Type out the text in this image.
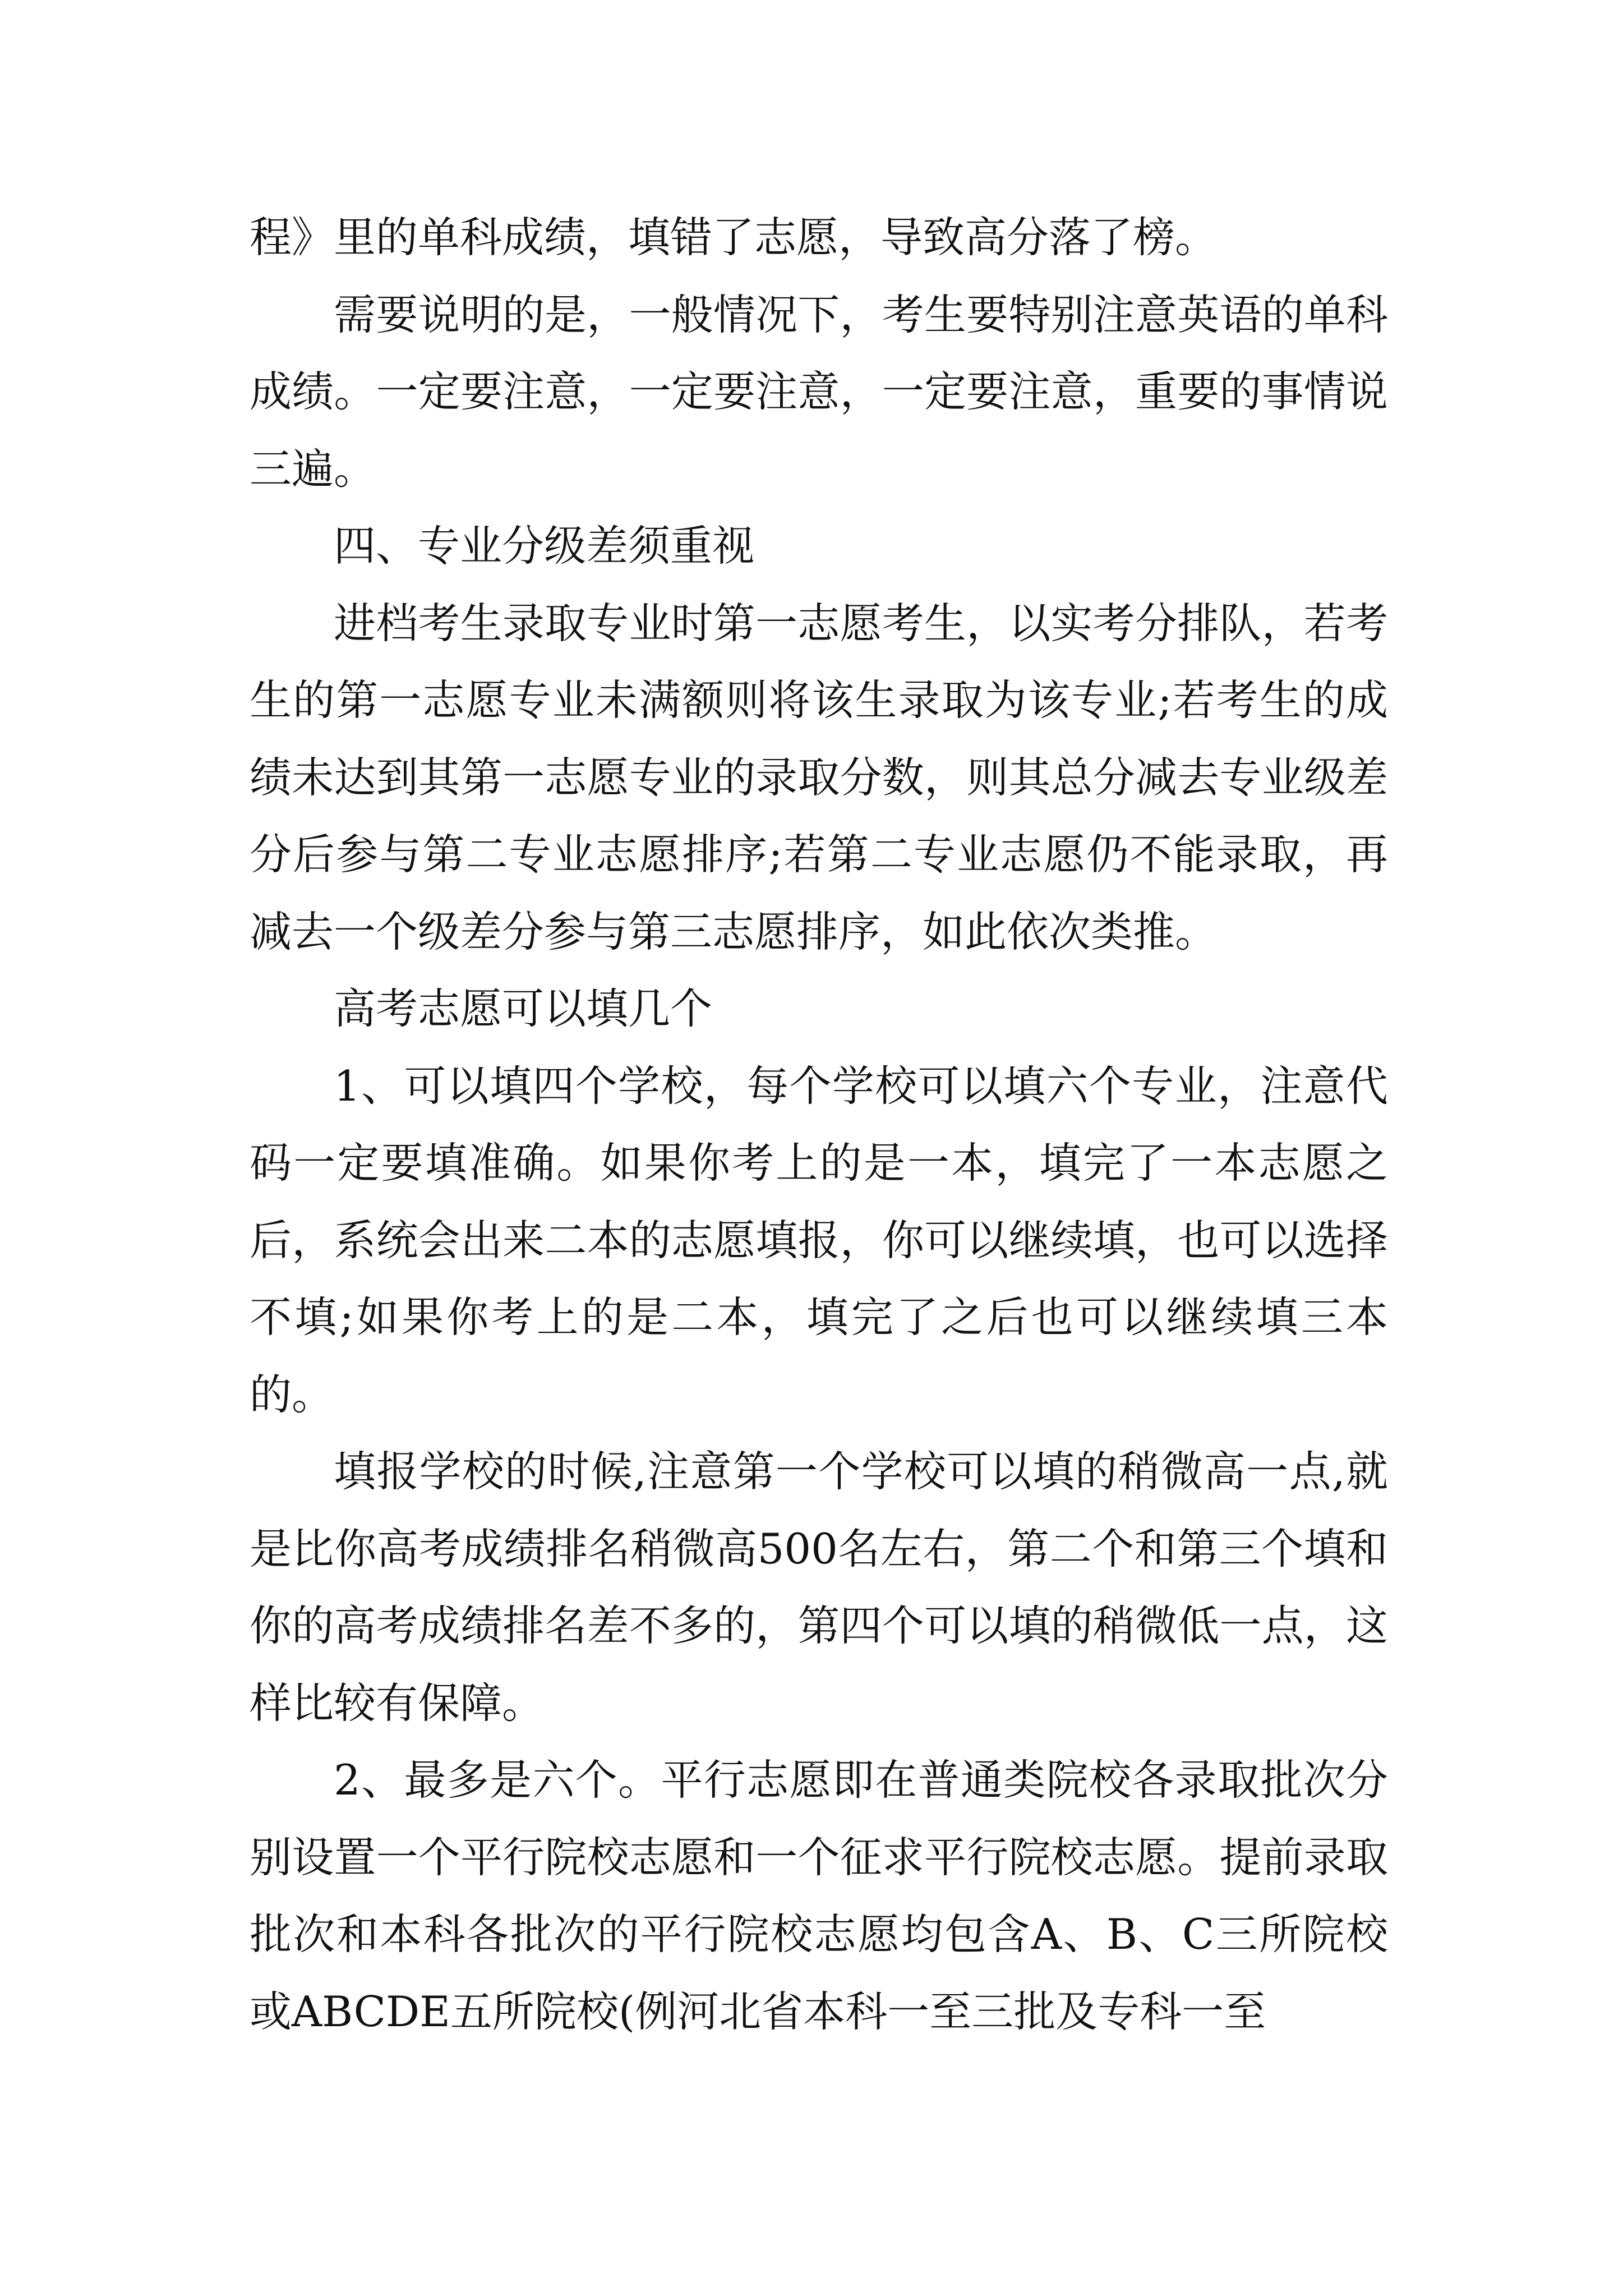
程》里的单科成绩，填错了志愿，导致高分落了榜。

需要说明的是，一般情况下，考生要特别注意英语的单科成绩。一定要注意，一定要注意，一定要注意，重要的事情说三遍。

四、专业分级差须重视

进档考生录取专业时第一志愿考生，以实考分排队，若考生的第一志愿专业未满额则将该生录取为该专业;若考生的成绩未达到其第一志愿专业的录取分数，则其总分减去专业级差分后参与第二专业志愿排序;若第二专业志愿仍不能录取，再减去一个级差分参与第三志愿排序，如此依次类推。

高考志愿可以填几个

1、可以填四个学校，每个学校可以填六个专业，注意代码一定要填准确。如果你考上的是一本，填完了一本志愿之后，系统会出来二本的志愿填报，你可以继续填，也可以选择不填;如果你考上的是二本，填完了之后也可以继续填三本的。

填报学校的时候,注意第一个学校可以填的稍微高一点,就是比你高考成绩排名稍微高500名左右，第二个和第三个填和你的高考成绩排名差不多的，第四个可以填的稍微低一点，这样比较有保障。

2、最多是六个。平行志愿即在普通类院校各录取批次分别设置一个平行院校志愿和一个征求平行院校志愿。提前录取批次和本科各批次的平行院校志愿均包含A、B、C三所院校或ABCDE五所院校(例河北省本科一至三批及专科一至
